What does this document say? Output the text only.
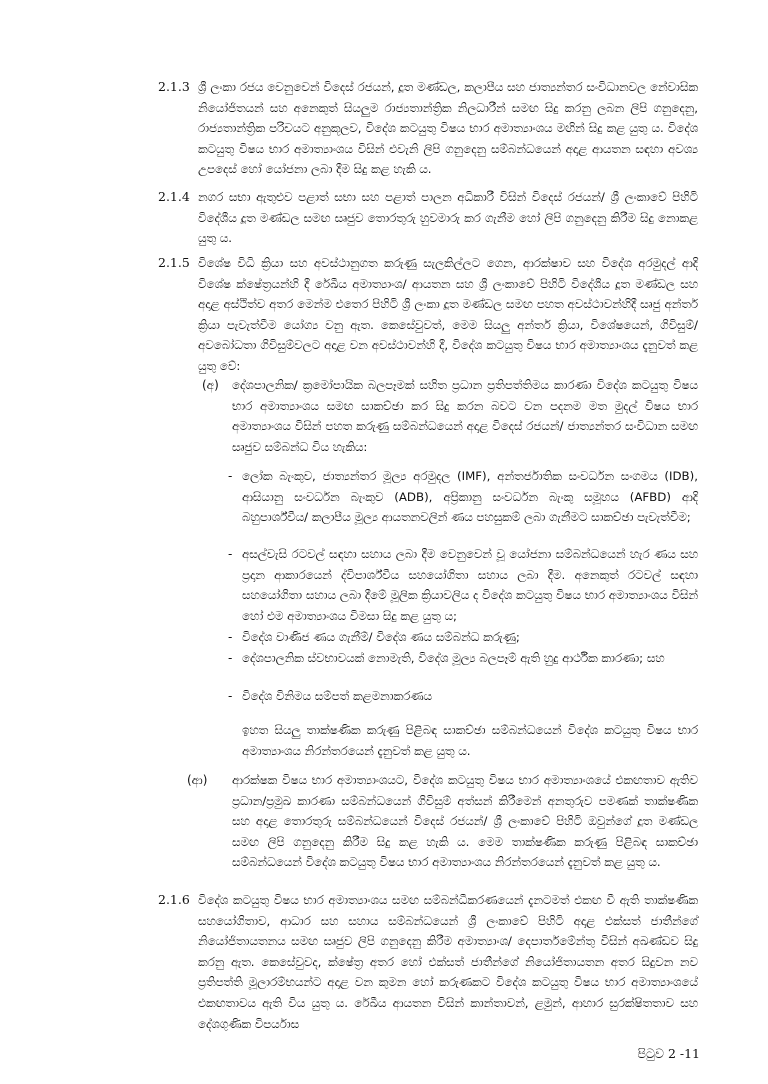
2.1.3 ශ්‍රී ලංකා රජය වෙනුවෙන් විදෙස් රජයන්, දූත මණ්ඩල, කලාපීය සහ ජාත්‍යන්තර සංවිධානවල නේවාසික නියෝජිතයන් සහ අනෙකුත් සියලුම රාජ්‍යතාන්ත්‍රික නිලධාරීන් සමඟ සිදු කරනු ලබන ලිපි ගනුදෙනු, රාජ්‍යතාන්ත්‍රික පරිචයට අනුකූලව, විදේශ කටයුතු විෂය භාර අමාත්‍යාංශය මඟින් සිදු කළ යුතු ය. විදේශ කටයුතු විෂය භාර අමාත්‍යාංශය විසින් එවැනි ලිපි ගනුදෙනු සම්බන්ධයෙන් අදාළ ආයතන සඳහා අවශ්‍ය උපදෙස් හෝ යෝජනා ලබා දීම සිදු කළ හැකි ය.
2.1.4 නගර සභා ඇතුළුව පළාත් සභා සහ පළාත් පාලන අධිකාරී විසින් විදෙස් රජයන්/ ශ්‍රී ලංකාවේ පිහිටි විදේශීය දූත මණ්ඩල සමඟ සෘජුව තොරතුරු හුවමාරු කර ගැනීම හෝ ලිපි ගනුදෙනු කිරීම සිදු නොකළ යුතු ය.
2.1.5 විශේෂ විධි ක්‍රියා සහ අවස්ථානුගත කරුණු සැලකිල්ලට ගෙන, ආරක්ෂාව සහ විදේශ අරමුදල් ආදි විශේෂ ක්ෂේත්‍රයන්හි දී රේඛීය අමාත්‍යාංශ/ ආයතන සහ ශ්‍රී ලංකාවේ පිහිටි විදේශීය දූත මණ්ඩල සහ අදාළ අස්ථිත්ව අතර මෙන්ම එතෙර පිහිටි ශ්‍රී ලංකා දූත මණ්ඩල සමඟ පහත අවස්ථාවන්හිදී සෘජු අන්තර් ක්‍රියා පැවැත්වීම යෝග්‍ය වනු ඇත. කෙසේවුවත්, මෙම සියලු අන්තර් ක්‍රියා, විශේෂයෙන්, ගිවිසුම්/ අවබෝධතා ගිවිසුම්වලට අදාළ වන අවස්ථාවන්හි දී, විදේශ කටයුතු විෂය භාර අමාත්‍යාංශය දැනුවත් කළ යුතු වේ:
(අ) දේශපාලනික/ ක්‍රමෝපායික බලපෑමක් සහිත ප්‍රධාන ප්‍රතිපත්තිමය කාරණා විදේශ කටයුතු විෂය භාර අමාත්‍යාංශය සමඟ සාකච්ඡා කර සිදු කරන බවට වන පදනම මත මුදල් විෂය භාර අමාත්‍යාංශය විසින් පහත කරුණු සම්බන්ධයෙන් අදාළ විදෙස් රජයන්/ ජාත්‍යන්තර සංවිධාන සමඟ සෘජුව සම්බන්ධ විය හැකිය:
- ලෝක බැංකුව, ජාත්‍යන්තර මූල්‍ය අරමුදල (IMF), අන්තර්ජාතික සංවර්ධන සංගමය (IDB), ආසියානු සංවර්ධන බැංකුව (ADB), අප්‍රිකානු සංවර්ධන බැංකු සමූහය (AFBD) ආදි බහුපාර්ශ්වීය/ කලාපීය මූල්‍ය ආයතනවලින් ණය පහසුකම් ලබා ගැනීමට සාකච්ඡා පැවැත්වීම;
- අසල්වැසි රටවල් සඳහා සහාය ලබා දීම වෙනුවෙන් වූ යෝජනා සම්බන්ධයෙන් හැර ණය සහ ප්‍රදාන ආකාරයෙන් ද්විපාර්ශ්වීය සහයෝගිතා සහාය ලබා දීම. අනෙකුත් රටවල් සඳහා සහයෝගිතා සහාය ලබා දීමේ මූලික ක්‍රියාවලිය ද විදේශ කටයුතු විෂය භාර අමාත්‍යාංශය විසින් හෝ එම අමාත්‍යාංශය විමසා සිදු කළ යුතු ය;
- විදේශ වාණිජ ණය ගැනීම්/ විදේශ ණය සම්බන්ධ කරුණු;
- දේශපාලනික ස්වභාවයක් නොමැති, විදේශ මූල්‍ය බලපෑම් ඇති හුදු ආර්ථික කාරණා; සහ
- විදේශ විනිමය සම්පත් කළමනාකරණය
ඉහත සියලු තාක්ෂණික කරුණු පිළිබඳ සාකච්ඡා සම්බන්ධයෙන් විදේශ කටයුතු විෂය භාර අමාත්‍යාංශය නිරන්තරයෙන් දැනුවත් කළ යුතු ය.
(ආ) ආරක්ෂක විෂය භාර අමාත්‍යාංශයට, විදේශ කටයුතු විෂය භාර අමාත්‍යාංශයේ එකඟතාව ඇතිව ප්‍රධාන/ප්‍රමුඛ කාරණා සම්බන්ධයෙන් ගිවිසුම් අත්සන් කිරීමෙන් අනතුරුව පමණක් තාක්ෂණික සහ අදාළ තොරතුරු සම්බන්ධයෙන් විදෙස් රජයන්/ ශ්‍රී ලංකාවේ පිහිටි ඔවුන්ගේ දූත මණ්ඩල සමඟ ලිපි ගනුදෙනු කිරීම සිදු කළ හැකි ය. මෙම තාක්ෂණික කරුණු පිළිබඳ සාකච්ඡා සම්බන්ධයෙන් විදේශ කටයුතු විෂය භාර අමාත්‍යාංශය නිරන්තරයෙන් දැනුවත් කළ යුතු ය.
2.1.6 විදේශ කටයුතු විෂය භාර අමාත්‍යාංශය සමඟ සම්බන්ධීකරණයෙන් දැනටමත් එකඟ වී ඇති තාක්ෂණික සහයෝගිතාව, ආධාර සහ සහාය සම්බන්ධයෙන් ශ්‍රී ලංකාවේ පිහිටි අදාළ එක්සත් ජාතීන්ගේ නියෝජිතායතනය සමඟ සෘජුව ලිපි ගනුදෙනු කිරීම අමාත්‍යාංශ/ දෙපාර්තමේන්තු විසින් අඛණ්ඩව සිදු කරනු ඇත. කෙසේවුවද, ක්ෂේත්‍ර අතර හෝ එක්සත් ජාතීන්ගේ නියෝජිතායතන අතර සිදුවන නව ප්‍රතිපත්ති මූලාරම්භයන්ට අදාළ වන කුමන හෝ කරුණකට විදේශ කටයුතු විෂය භාර අමාත්‍යාංශයේ එකඟතාවය ඇති විය යුතු ය. රේඛීය ආයතන විසින් කාන්තාවන්, ළමුන්, ආහාර සුරක්ෂිතතාව සහ දේශගුණික විපර්යාස
පිටුව 2 -11
